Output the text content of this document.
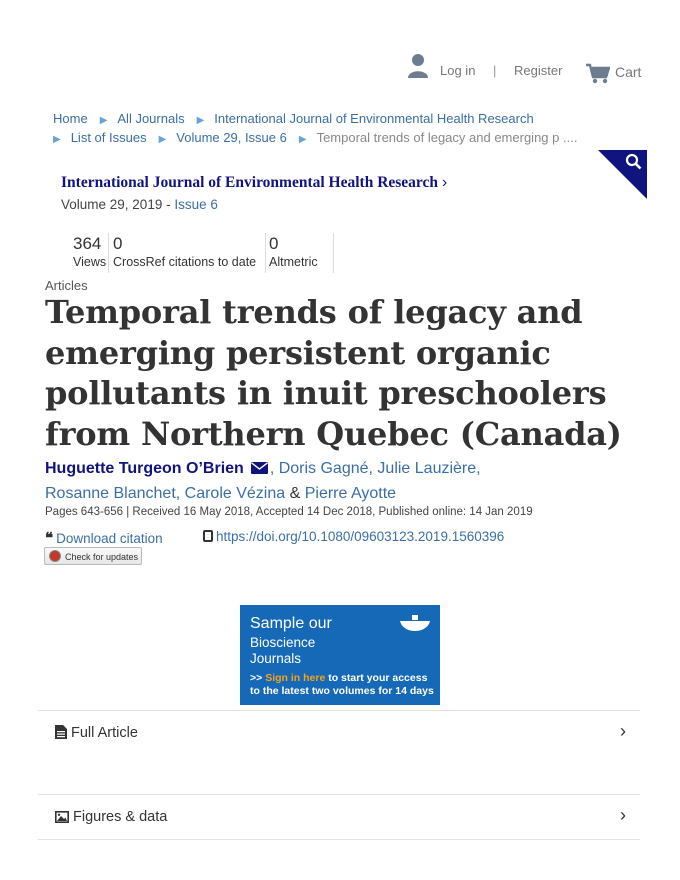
Log in | Register	Cart
Home ▶ All Journals ▶ International Journal of Environmental Health Research
▶ List of Issues ▶ Volume 29, Issue 6 ▶ Temporal trends of legacy and emerging p ....
International Journal of Environmental Health Research ›
Volume 29, 2019 - Issue 6
364
Views
0
CrossRef citations to date
0
Altmetric
Articles
Temporal trends of legacy and emerging persistent organic pollutants in inuit preschoolers from Northern Quebec (Canada)
Huguette Turgeon O’Brien , Doris Gagné, Julie Lauzière,
Rosanne Blanchet, Carole Vézina & Pierre Ayotte
Pages 643-656 | Received 16 May 2018, Accepted 14 Dec 2018, Published online: 14 Jan 2019
❝ Download citation	https://doi.org/10.1080/09603123.2019.1560396
Check for updates
Sample our
Bioscience
Journals
>> Sign in here to start your access
to the latest two volumes for 14 days
Full Article	›
Figures & data	›
